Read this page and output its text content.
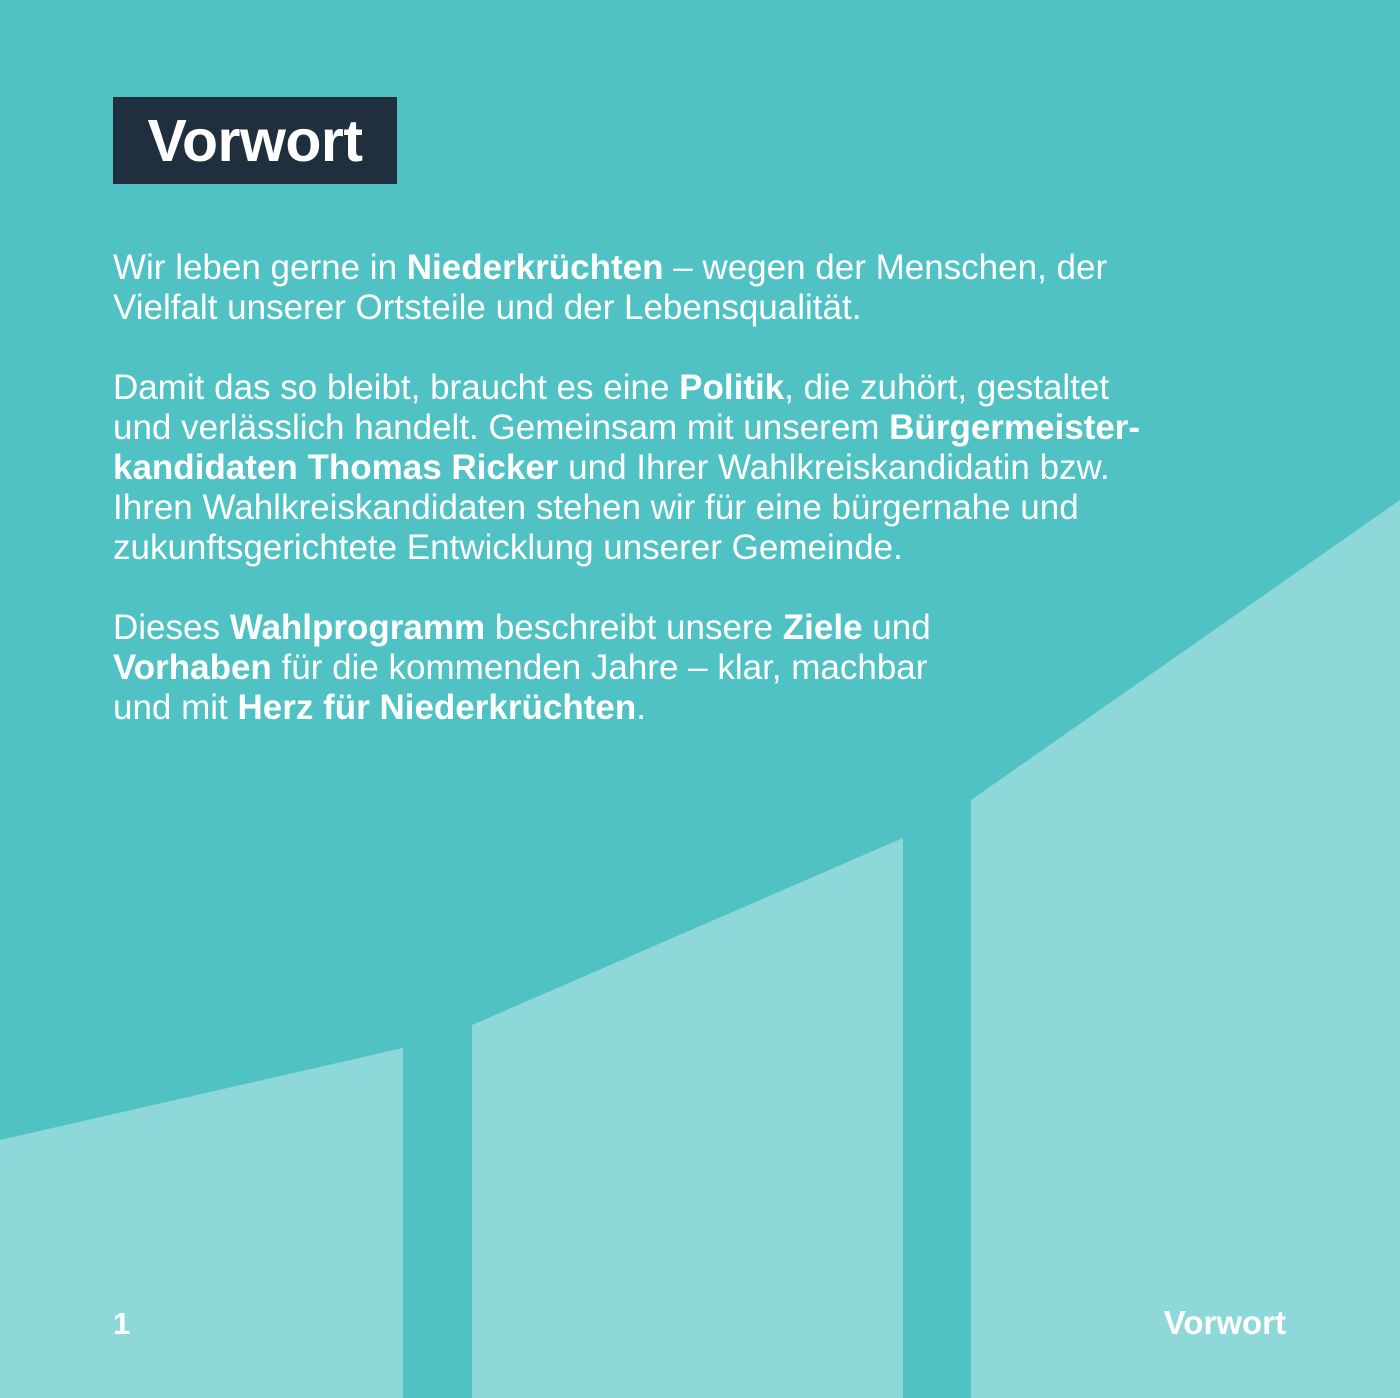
Vorwort

Wir leben gerne in Niederkrüchten – wegen der Menschen, der
Vielfalt unserer Ortsteile und der Lebensqualität.

Damit das so bleibt, braucht es eine Politik, die zuhört, gestaltet
und verlässlich handelt. Gemeinsam mit unserem Bürgermeister-
kandidaten Thomas Ricker und Ihrer Wahlkreiskandidatin bzw.
Ihren Wahlkreiskandidaten stehen wir für eine bürgernahe und
zukunftsgerichtete Entwicklung unserer Gemeinde.

Dieses Wahlprogramm beschreibt unsere Ziele und
Vorhaben für die kommenden Jahre – klar, machbar
und mit Herz für Niederkrüchten.

1	Vorwort
